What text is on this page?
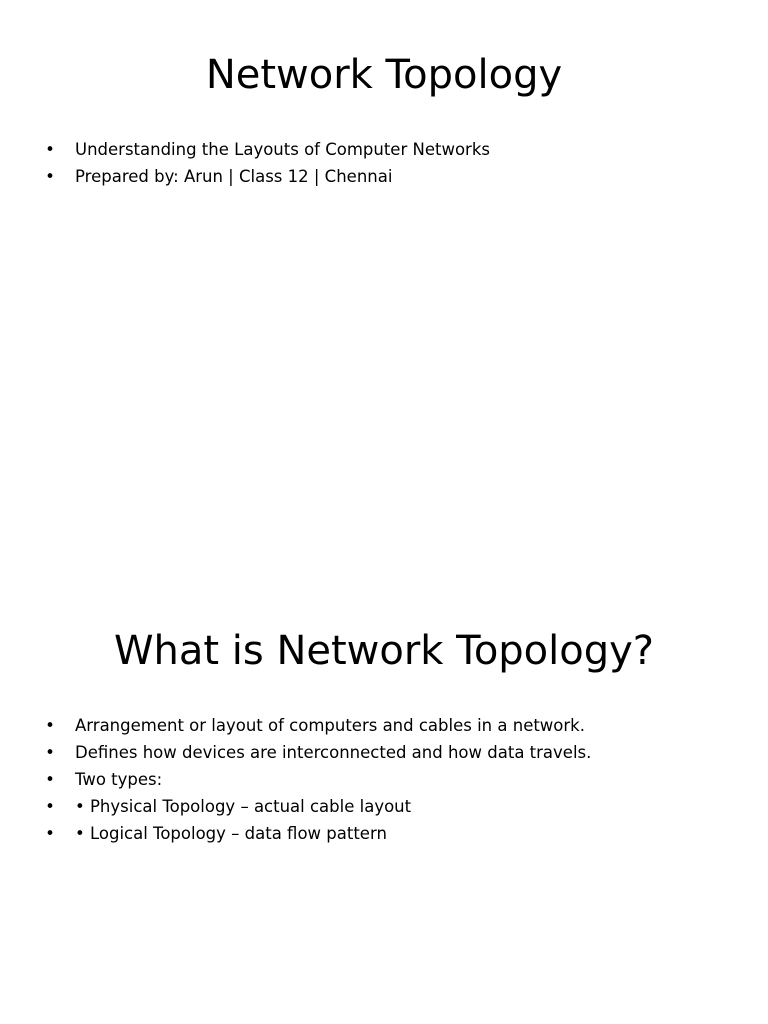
Network Topology
• Understanding the Layouts of Computer Networks
• Prepared by: Arun | Class 12 | Chennai
What is Network Topology?
• Arrangement or layout of computers and cables in a network.
• Defines how devices are interconnected and how data travels.
• Two types:
• • Physical Topology – actual cable layout
• • Logical Topology – data flow pattern
